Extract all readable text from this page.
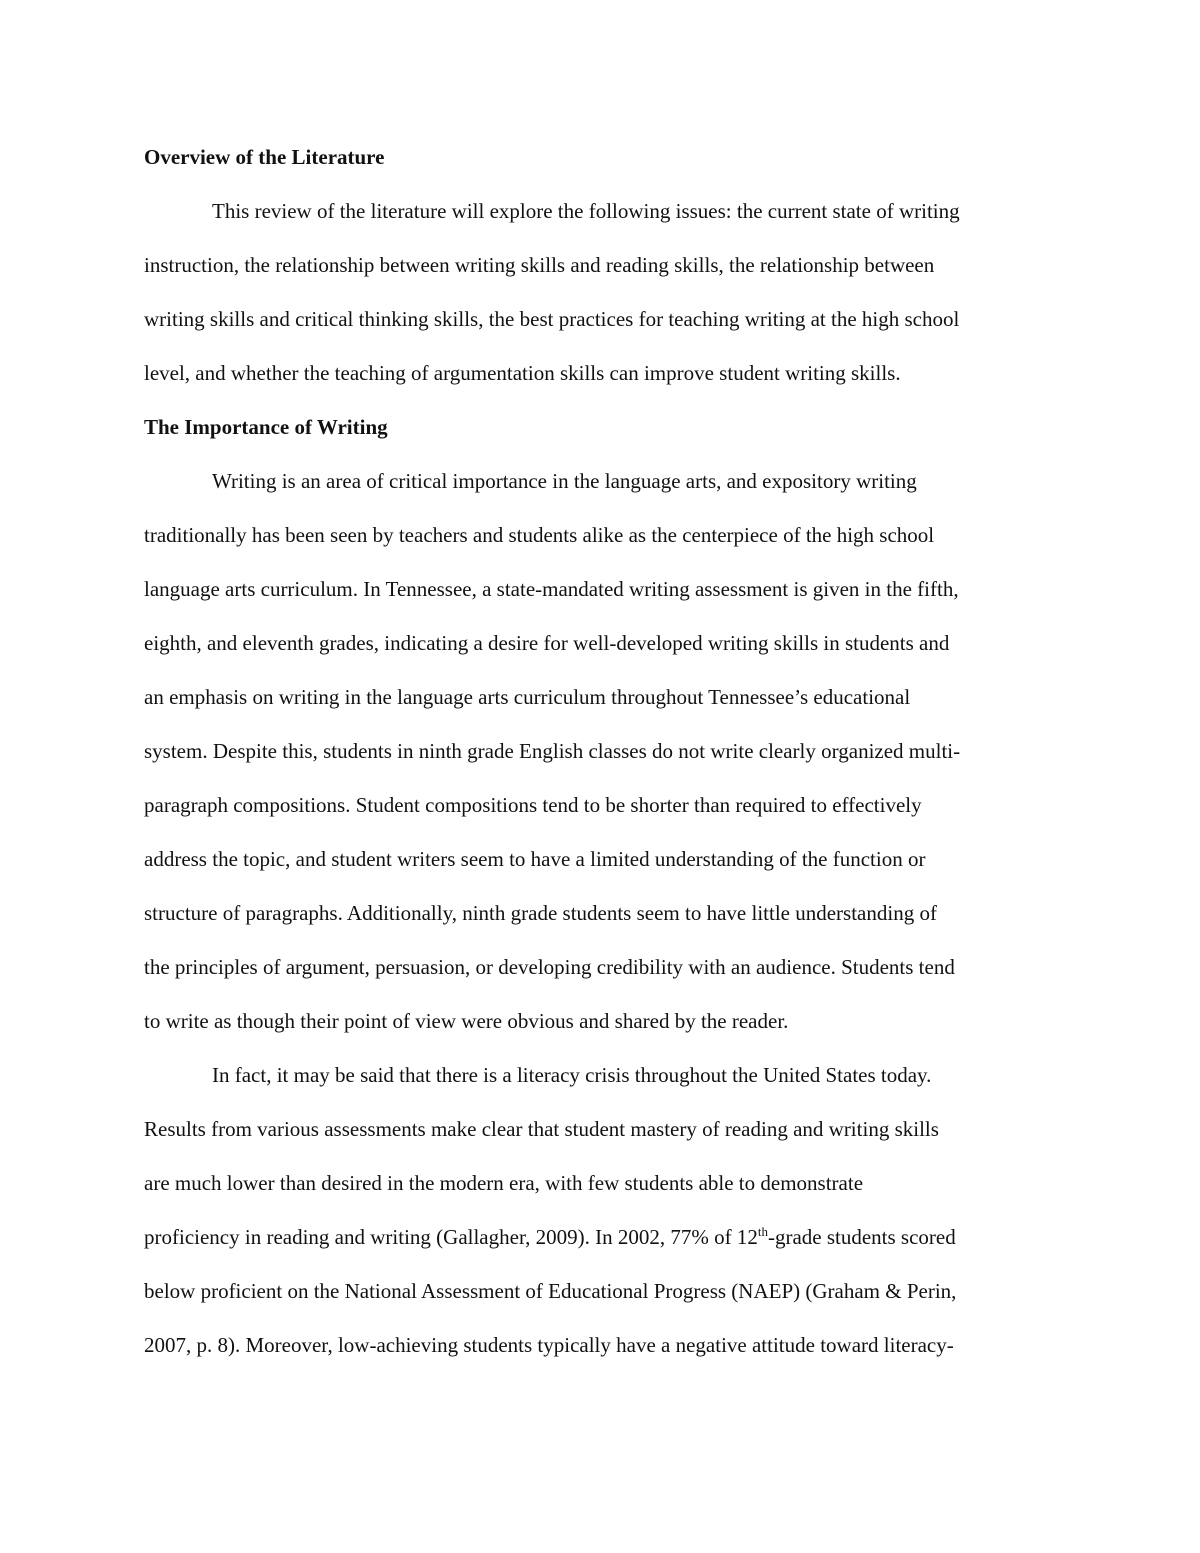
Overview of the Literature
This review of the literature will explore the following issues: the current state of writing
instruction, the relationship between writing skills and reading skills, the relationship between
writing skills and critical thinking skills, the best practices for teaching writing at the high school
level, and whether the teaching of argumentation skills can improve student writing skills.
The Importance of Writing
Writing is an area of critical importance in the language arts, and expository writing
traditionally has been seen by teachers and students alike as the centerpiece of the high school
language arts curriculum. In Tennessee, a state-mandated writing assessment is given in the fifth,
eighth, and eleventh grades, indicating a desire for well-developed writing skills in students and
an emphasis on writing in the language arts curriculum throughout Tennessee’s educational
system. Despite this, students in ninth grade English classes do not write clearly organized multi-
paragraph compositions. Student compositions tend to be shorter than required to effectively
address the topic, and student writers seem to have a limited understanding of the function or
structure of paragraphs. Additionally, ninth grade students seem to have little understanding of
the principles of argument, persuasion, or developing credibility with an audience. Students tend
to write as though their point of view were obvious and shared by the reader.
In fact, it may be said that there is a literacy crisis throughout the United States today.
Results from various assessments make clear that student mastery of reading and writing skills
are much lower than desired in the modern era, with few students able to demonstrate
proficiency in reading and writing (Gallagher, 2009). In 2002, 77% of 12th-grade students scored
below proficient on the National Assessment of Educational Progress (NAEP) (Graham & Perin,
2007, p. 8). Moreover, low-achieving students typically have a negative attitude toward literacy-
